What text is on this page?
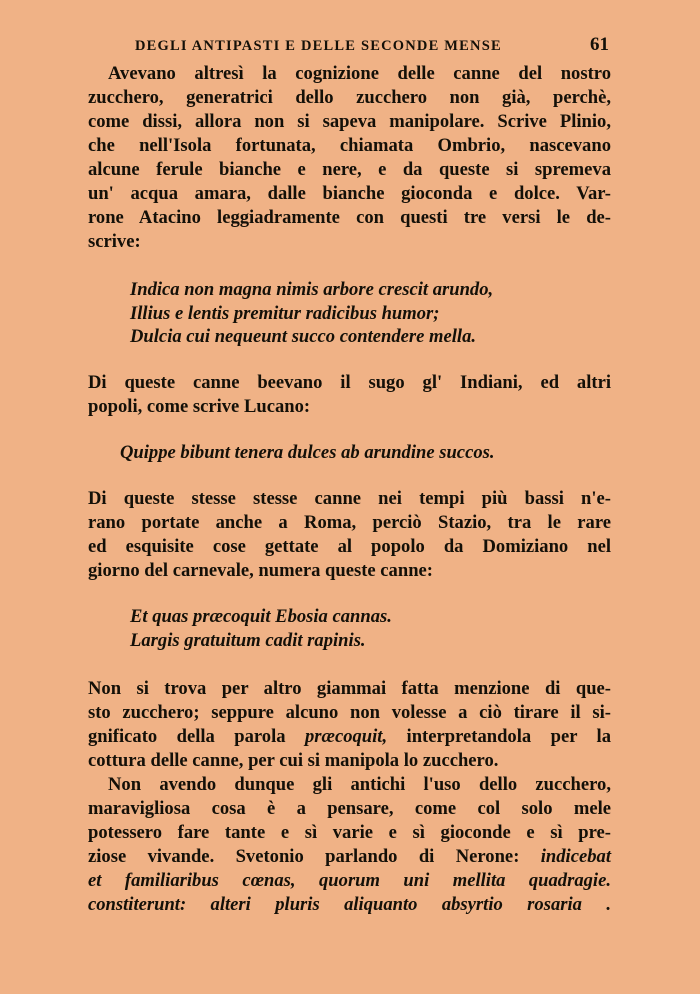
DEGLI ANTIPASTI E DELLE SECONDE MENSE	61
Avevano altresì la cognizione delle canne del nostro
zucchero, generatrici dello zucchero non già, perchè,
come dissi, allora non si sapeva manipolare. Scrive Plinio,
che nell'Isola fortunata, chiamata Ombrio, nascevano
alcune ferule bianche e nere, e da queste si spremeva
un' acqua amara, dalle bianche gioconda e dolce. Var-
rone Atacino leggiadramente con questi tre versi le de-
scrive:
Indica non magna nimis arbore crescit arundo,
Illius e lentis premitur radicibus humor;
Dulcia cui nequeunt succo contendere mella.
Di queste canne beevano il sugo gl' Indiani, ed altri
popoli, come scrive Lucano:
Quippe bibunt tenera dulces ab arundine succos.
Di queste stesse stesse canne nei tempi più bassi n'e-
rano portate anche a Roma, perciò Stazio, tra le rare
ed esquisite cose gettate al popolo da Domiziano nel
giorno del carnevale, numera queste canne:
Et quas præcoquit Ebosia cannas.
Largis gratuitum cadit rapinis.
Non si trova per altro giammai fatta menzione di que-
sto zucchero; seppure alcuno non volesse a ciò tirare il si-
gnificato della parola præcoquit, interpretandola per la
cottura delle canne, per cui si manipola lo zucchero.
Non avendo dunque gli antichi l'uso dello zucchero,
maravigliosa cosa è a pensare, come col solo mele
potessero fare tante e sì varie e sì gioconde e sì pre-
ziose vivande. Svetonio parlando di Nerone: indicebat
et familiaribus cœnas, quorum uni mellita quadragie.
constiterunt: alteri pluris aliquanto absyrtio rosaria .
